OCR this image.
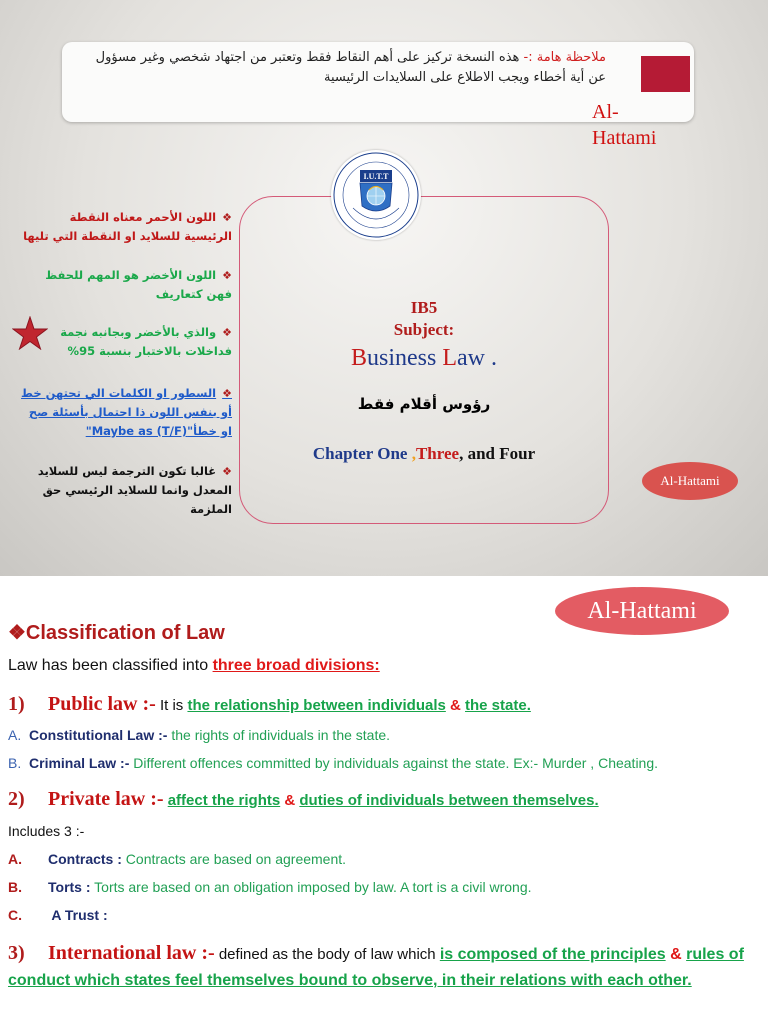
ملاحظة هامة :- هذه النسخة تركيز على أهم النقاط فقط وتعتبر من اجتهاد شخصي وغير مسؤول عن أية أخطاء ويجب الاطلاع على السلايدات الرئيسية
Al-Hattami
I.U.T.T
IB5
Subject:
Business Law .
رؤوس أقلام فقط
Chapter One ,Three, and Four
Al-Hattami
❖اللون الأحمر معناه النقطة الرئيسية للسلايد او النقطة التي تليها
❖اللون الأخضر هو المهم للحفظ فهن كتعاريف
❖والذي بالأخضر وبجانبه نجمة فداخلات بالاختبار بنسبة 95%
❖السطور او الكلمات الي تحتهن خط أو بنفس اللون ذا احتمال بأسئلة صح او خطأ"Maybe as (T/F)"
❖غالبا تكون الترجمة ليس للسلايد المعدل وانما للسلايد الرئيسي حق الملزمة
Al-Hattami
❖Classification of Law
Law has been classified into three broad divisions:
1) Public law :- It is the relationship between individuals & the state.
A. Constitutional Law :- the rights of individuals in the state.
B. Criminal Law :- Different offences committed by individuals against the state. Ex:- Murder , Cheating.
2) Private law :- affect the rights & duties of individuals between themselves.
Includes 3 :-
A. Contracts : Contracts are based on agreement.
B. Torts : Torts are based on an obligation imposed by law. A tort is a civil wrong.
C. A Trust :
3) International law :- defined as the body of law which is composed of the principles & rules of conduct which states feel themselves bound to observe, in their relations with each other.
